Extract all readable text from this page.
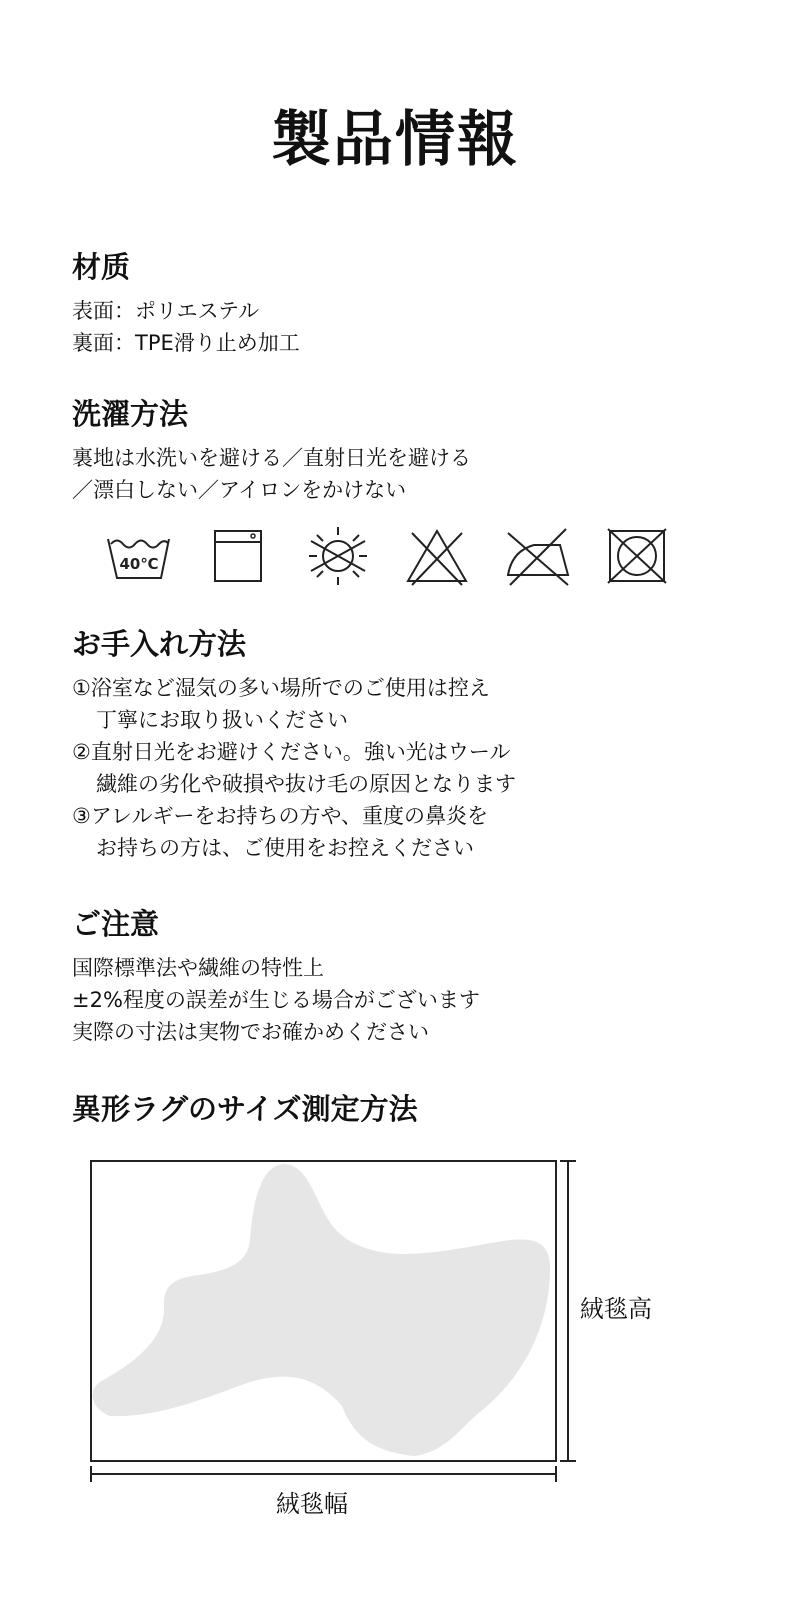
製品情報
材质

表面：ポリエステル

裏面：TPE滑り止め加工

洗濯方法

裏地は水洗いを避ける／直射日光を避ける

／漂白しない／アイロンをかけない

40℃
お手入れ方法

①浴室など湿気の多い場所でのご使用は控え

丁寧にお取り扱いください

②直射日光をお避けください。強い光はウール

繊維の劣化や破損や抜け毛の原因となります

③アレルギーをお持ちの方や、重度の鼻炎を

お持ちの方は、ご使用をお控えください

ご注意

国際標準法や繊維の特性上

±2%程度の誤差が生じる場合がございます

実際の寸法は実物でお確かめください

異形ラグのサイズ測定方法
絨毯高
絨毯幅
